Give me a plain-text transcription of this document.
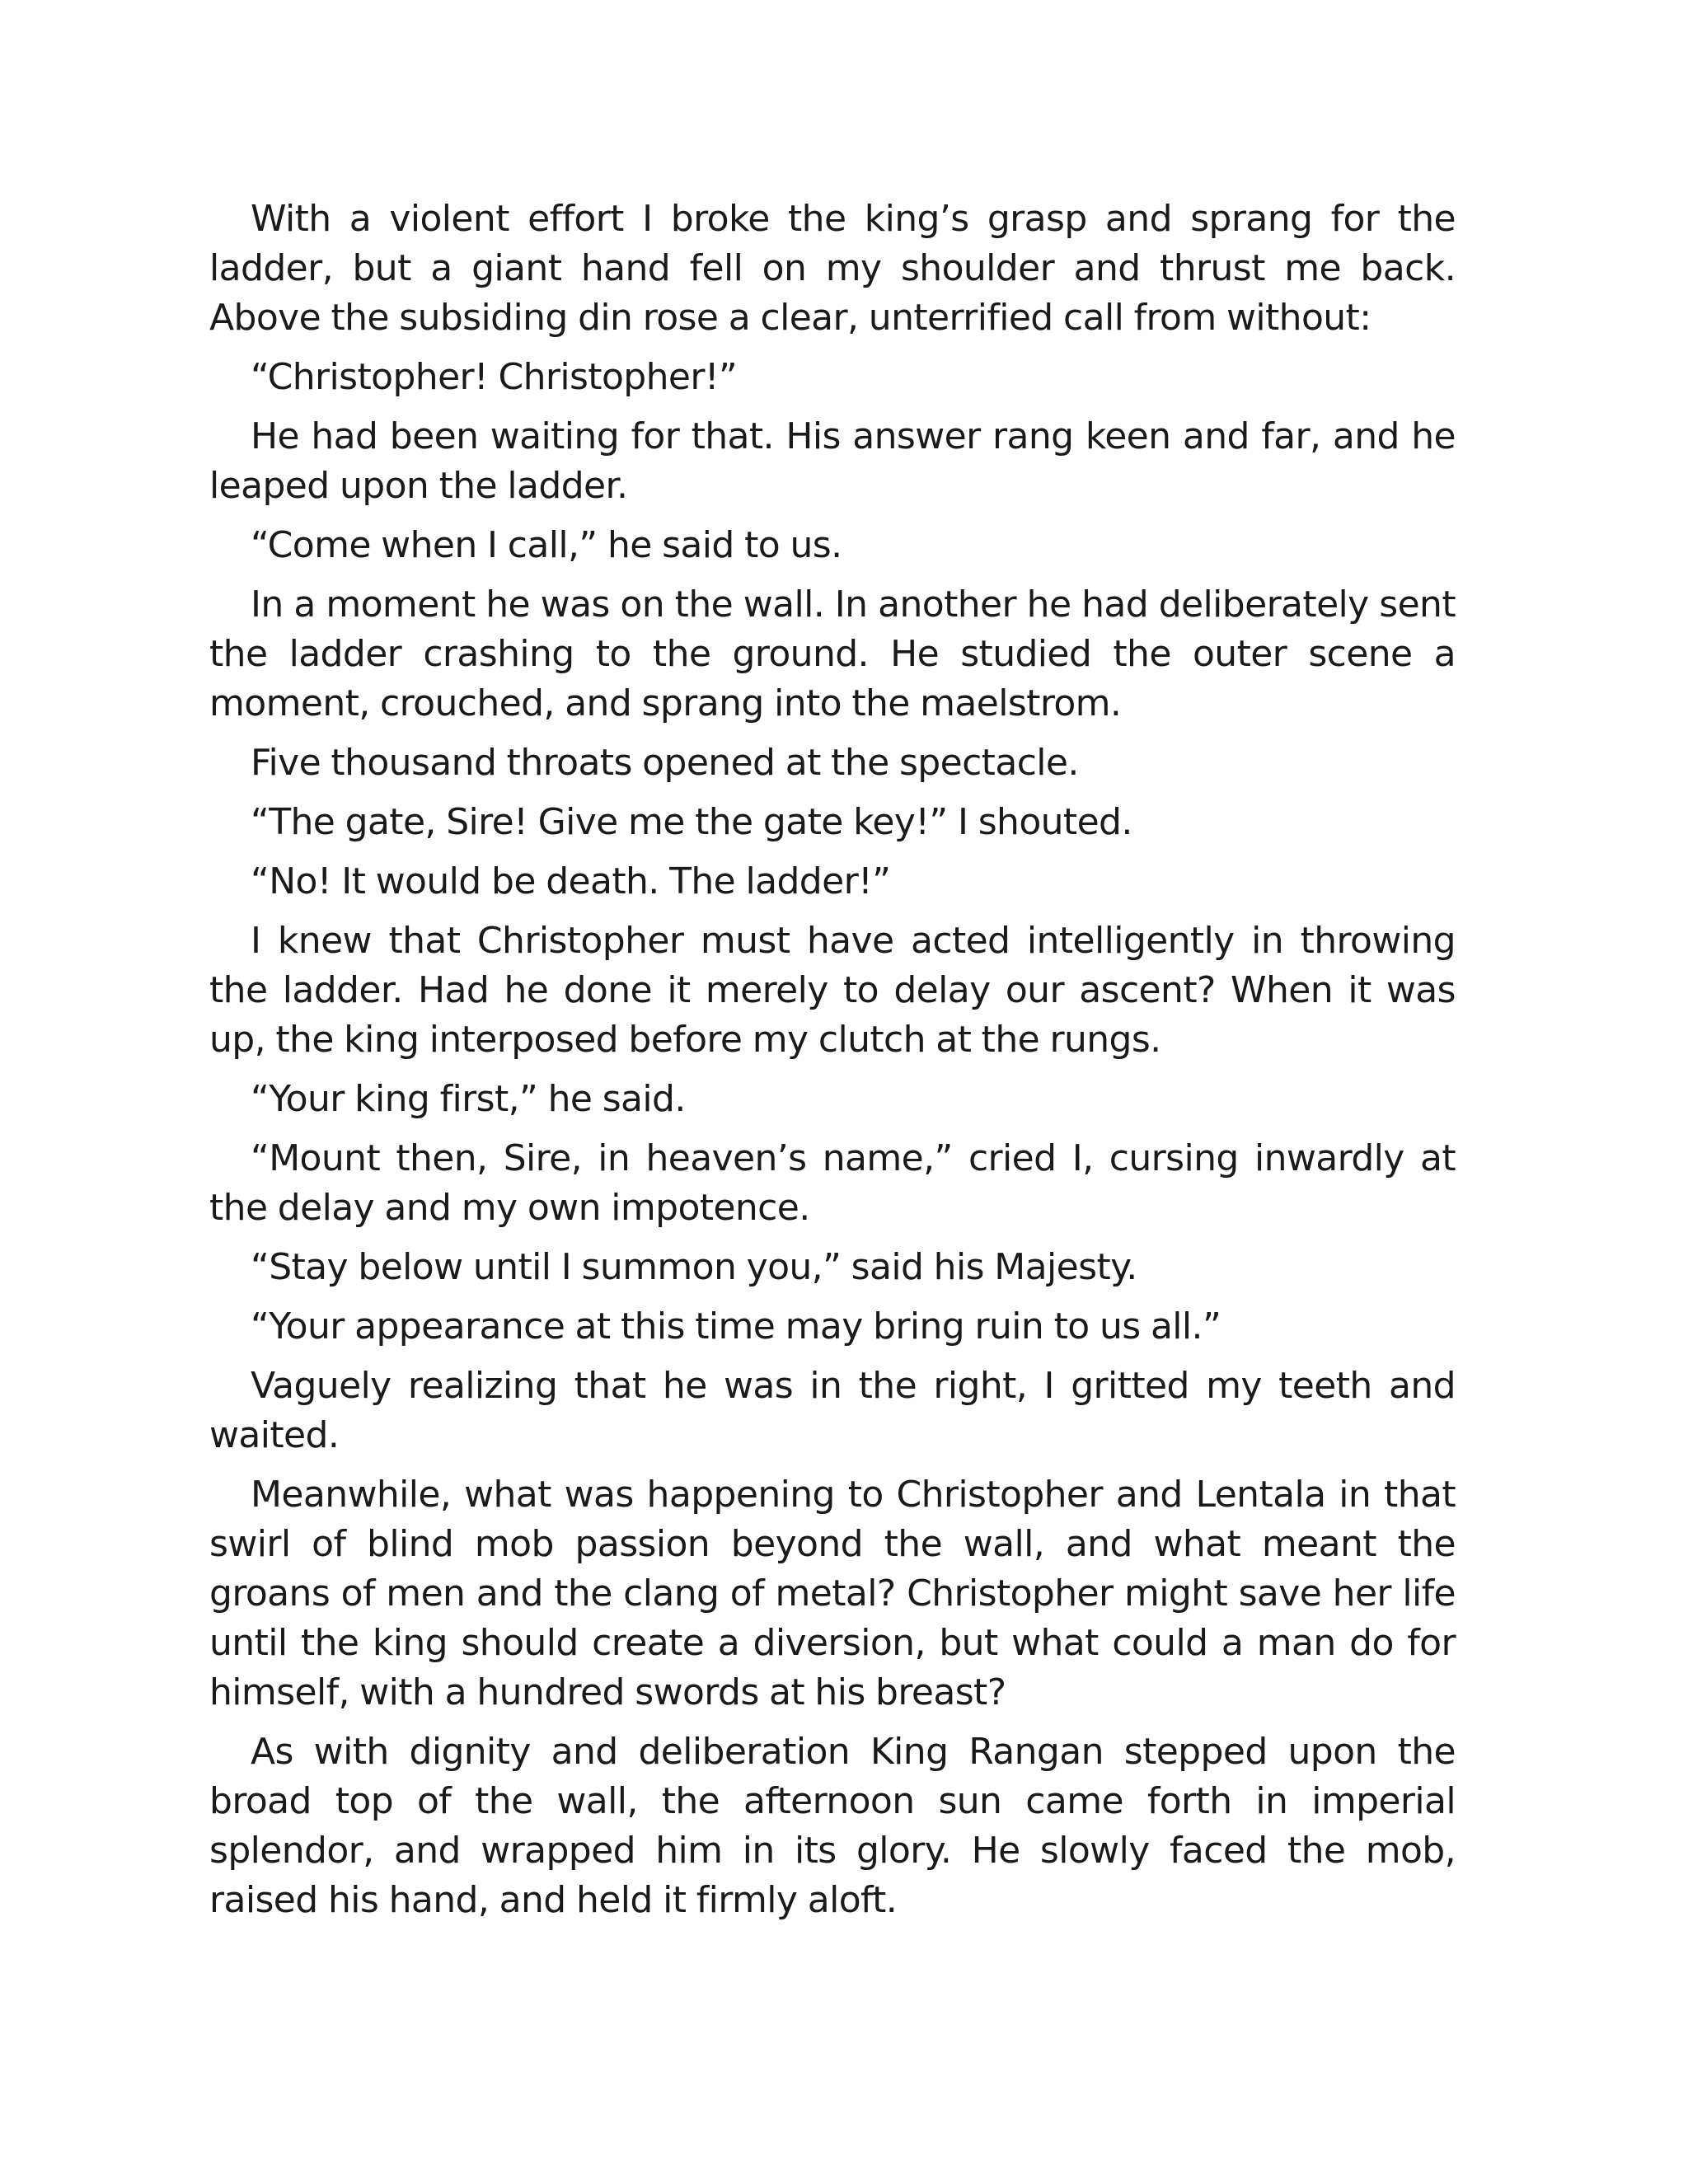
With a violent effort I broke the king’s grasp and sprang for the ladder, but a giant hand fell on my shoulder and thrust me back. Above the subsiding din rose a clear, unterrified call from without:

“Christopher! Christopher!”

He had been waiting for that. His answer rang keen and far, and he leaped upon the ladder.

“Come when I call,” he said to us.

In a moment he was on the wall. In another he had deliberately sent the ladder crashing to the ground. He studied the outer scene a moment, crouched, and sprang into the maelstrom.

Five thousand throats opened at the spectacle.

“The gate, Sire! Give me the gate key!” I shouted.

“No! It would be death. The ladder!”

I knew that Christopher must have acted intelligently in throwing the ladder. Had he done it merely to delay our ascent? When it was up, the king interposed before my clutch at the rungs.

“Your king first,” he said.

“Mount then, Sire, in heaven’s name,” cried I, cursing inwardly at the delay and my own impotence.

“Stay below until I summon you,” said his Majesty.

“Your appearance at this time may bring ruin to us all.”

Vaguely realizing that he was in the right, I gritted my teeth and waited.

Meanwhile, what was happening to Christopher and Lentala in that swirl of blind mob passion beyond the wall, and what meant the groans of men and the clang of metal? Christopher might save her life until the king should create a diversion, but what could a man do for himself, with a hundred swords at his breast?

As with dignity and deliberation King Rangan stepped upon the broad top of the wall, the afternoon sun came forth in imperial splendor, and wrapped him in its glory. He slowly faced the mob, raised his hand, and held it firmly aloft.
